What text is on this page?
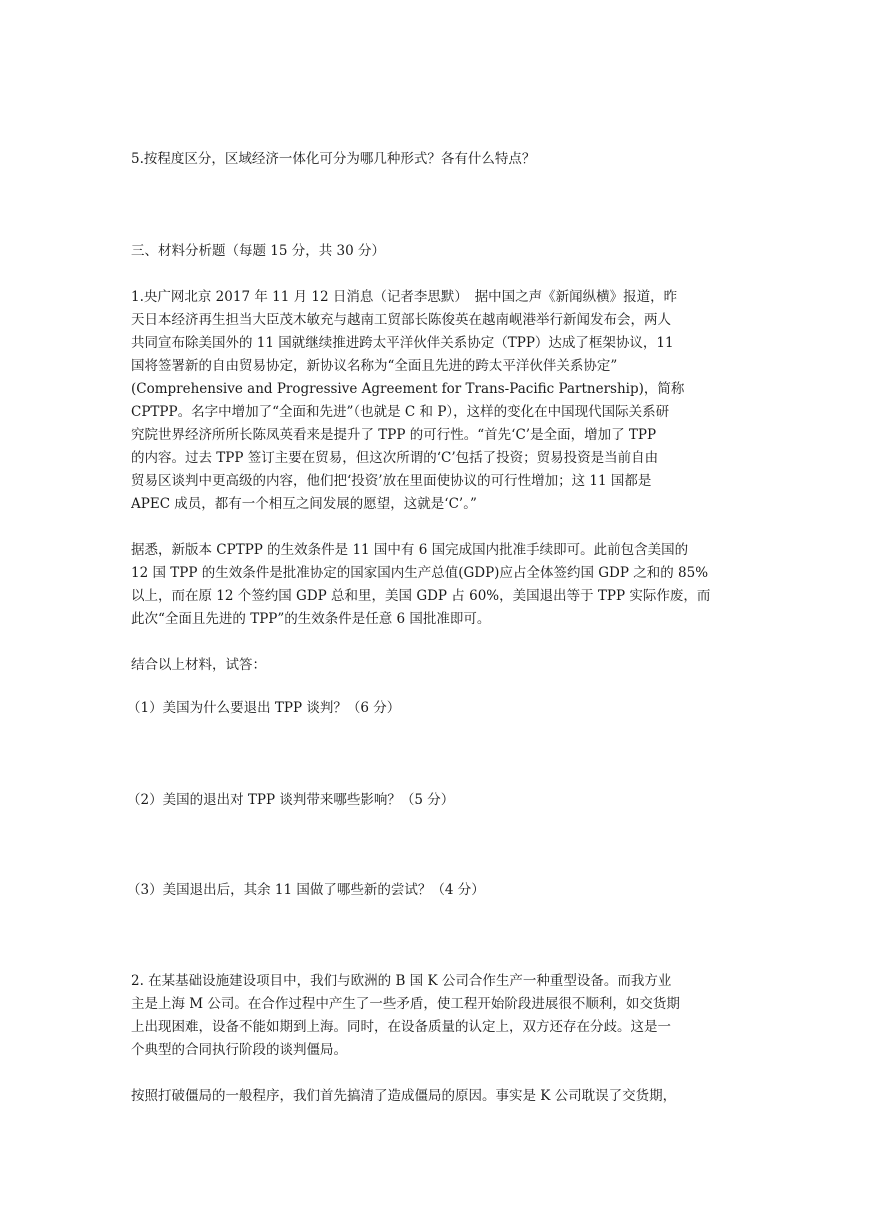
5.按程度区分，区域经济一体化可分为哪几种形式？各有什么特点？

三、材料分析题（每题 15 分，共 30 分）

1.央广网北京 2017 年 11 月 12 日消息（记者李思默）　据中国之声《新闻纵横》报道，昨
天日本经济再生担当大臣茂木敏充与越南工贸部长陈俊英在越南岘港举行新闻发布会，两人
共同宣布除美国外的 11 国就继续推进跨太平洋伙伴关系协定（TPP）达成了框架协议，11
国将签署新的自由贸易协定，新协议名称为“全面且先进的跨太平洋伙伴关系协定”
(Comprehensive and Progressive Agreement for Trans-Pacific Partnership)，简称
CPTPP。名字中增加了“全面和先进”（也就是 C 和 P），这样的变化在中国现代国际关系研
究院世界经济所所长陈凤英看来是提升了 TPP 的可行性。“首先‘C’是全面，增加了 TPP
的内容。过去 TPP 签订主要在贸易，但这次所谓的‘C’包括了投资；贸易投资是当前自由
贸易区谈判中更高级的内容，他们把‘投资’放在里面使协议的可行性增加；这 11 国都是
APEC 成员，都有一个相互之间发展的愿望，这就是‘C’。”
据悉，新版本 CPTPP 的生效条件是 11 国中有 6 国完成国内批准手续即可。此前包含美国的
12 国 TPP 的生效条件是批准协定的国家国内生产总值(GDP)应占全体签约国 GDP 之和的 85%
以上，而在原 12 个签约国 GDP 总和里，美国 GDP 占 60%，美国退出等于 TPP 实际作废，而
此次“全面且先进的 TPP”的生效条件是任意 6 国批准即可。

结合以上材料，试答：

（1）美国为什么要退出 TPP 谈判？（6 分）

（2）美国的退出对 TPP 谈判带来哪些影响？（5 分）

（3）美国退出后，其余 11 国做了哪些新的尝试？（4 分）

2. 在某基础设施建设项目中，我们与欧洲的 B 国 K 公司合作生产一种重型设备。而我方业
主是上海 M 公司。在合作过程中产生了一些矛盾，使工程开始阶段进展很不顺利，如交货期
上出现困难，设备不能如期到上海。同时，在设备质量的认定上，双方还存在分歧。这是一
个典型的合同执行阶段的谈判僵局。
按照打破僵局的一般程序，我们首先搞清了造成僵局的原因。事实是 K 公司耽误了交货期，
